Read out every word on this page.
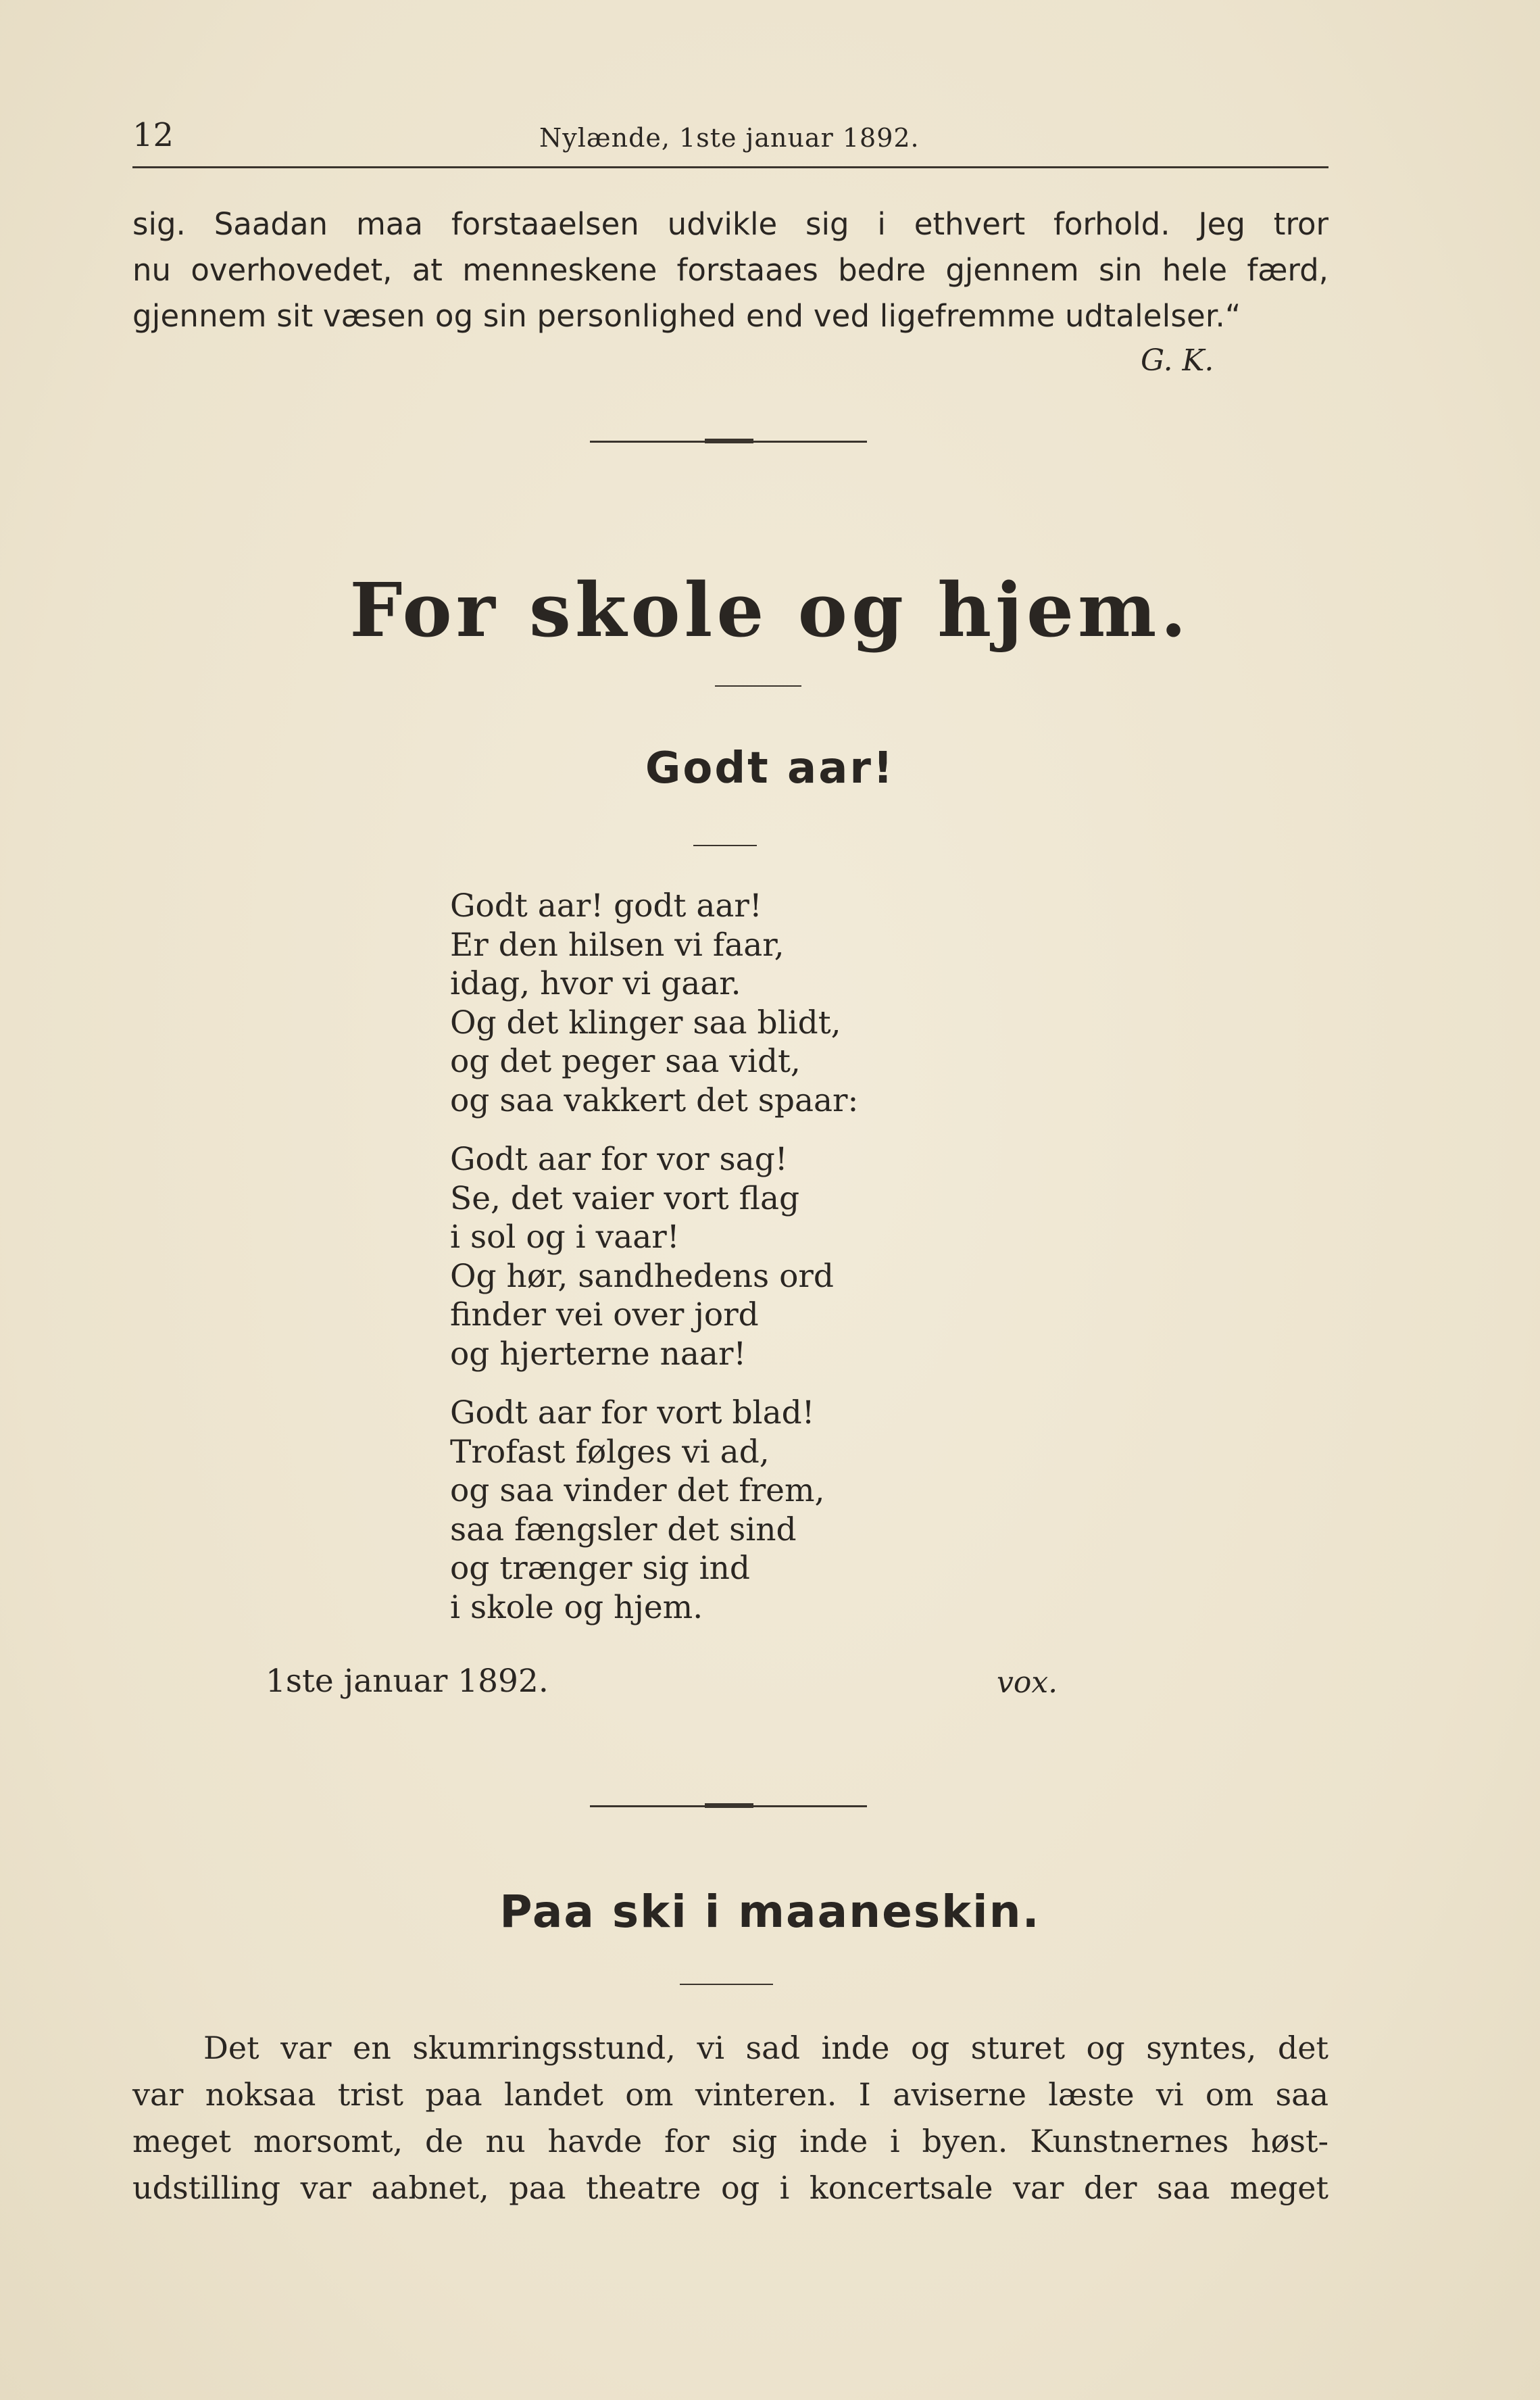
12	Nylænde, 1ste januar 1892.
sig. Saadan maa forstaaelsen udvikle sig i ethvert forhold. Jeg tror
nu overhovedet, at menneskene forstaaes bedre gjennem sin hele færd,
gjennem sit væsen og sin personlighed end ved ligefremme udtalelser.“
G. K.
For skole og hjem.
Godt aar!
Godt aar! godt aar!
Er den hilsen vi faar,
idag, hvor vi gaar.
Og det klinger saa blidt,
og det peger saa vidt,
og saa vakkert det spaar:
Godt aar for vor sag!
Se, det vaier vort flag
i sol og i vaar!
Og hør, sandhedens ord
finder vei over jord
og hjerterne naar!
Godt aar for vort blad!
Trofast følges vi ad,
og saa vinder det frem,
saa fængsler det sind
og trænger sig ind
i skole og hjem.
1ste januar 1892.	vox.
Paa ski i maaneskin.
Det var en skumringsstund, vi sad inde og sturet og syntes, det
var noksaa trist paa landet om vinteren. I aviserne læste vi om saa
meget morsomt, de nu havde for sig inde i byen. Kunstnernes høst-
udstilling var aabnet, paa theatre og i koncertsale var der saa meget
